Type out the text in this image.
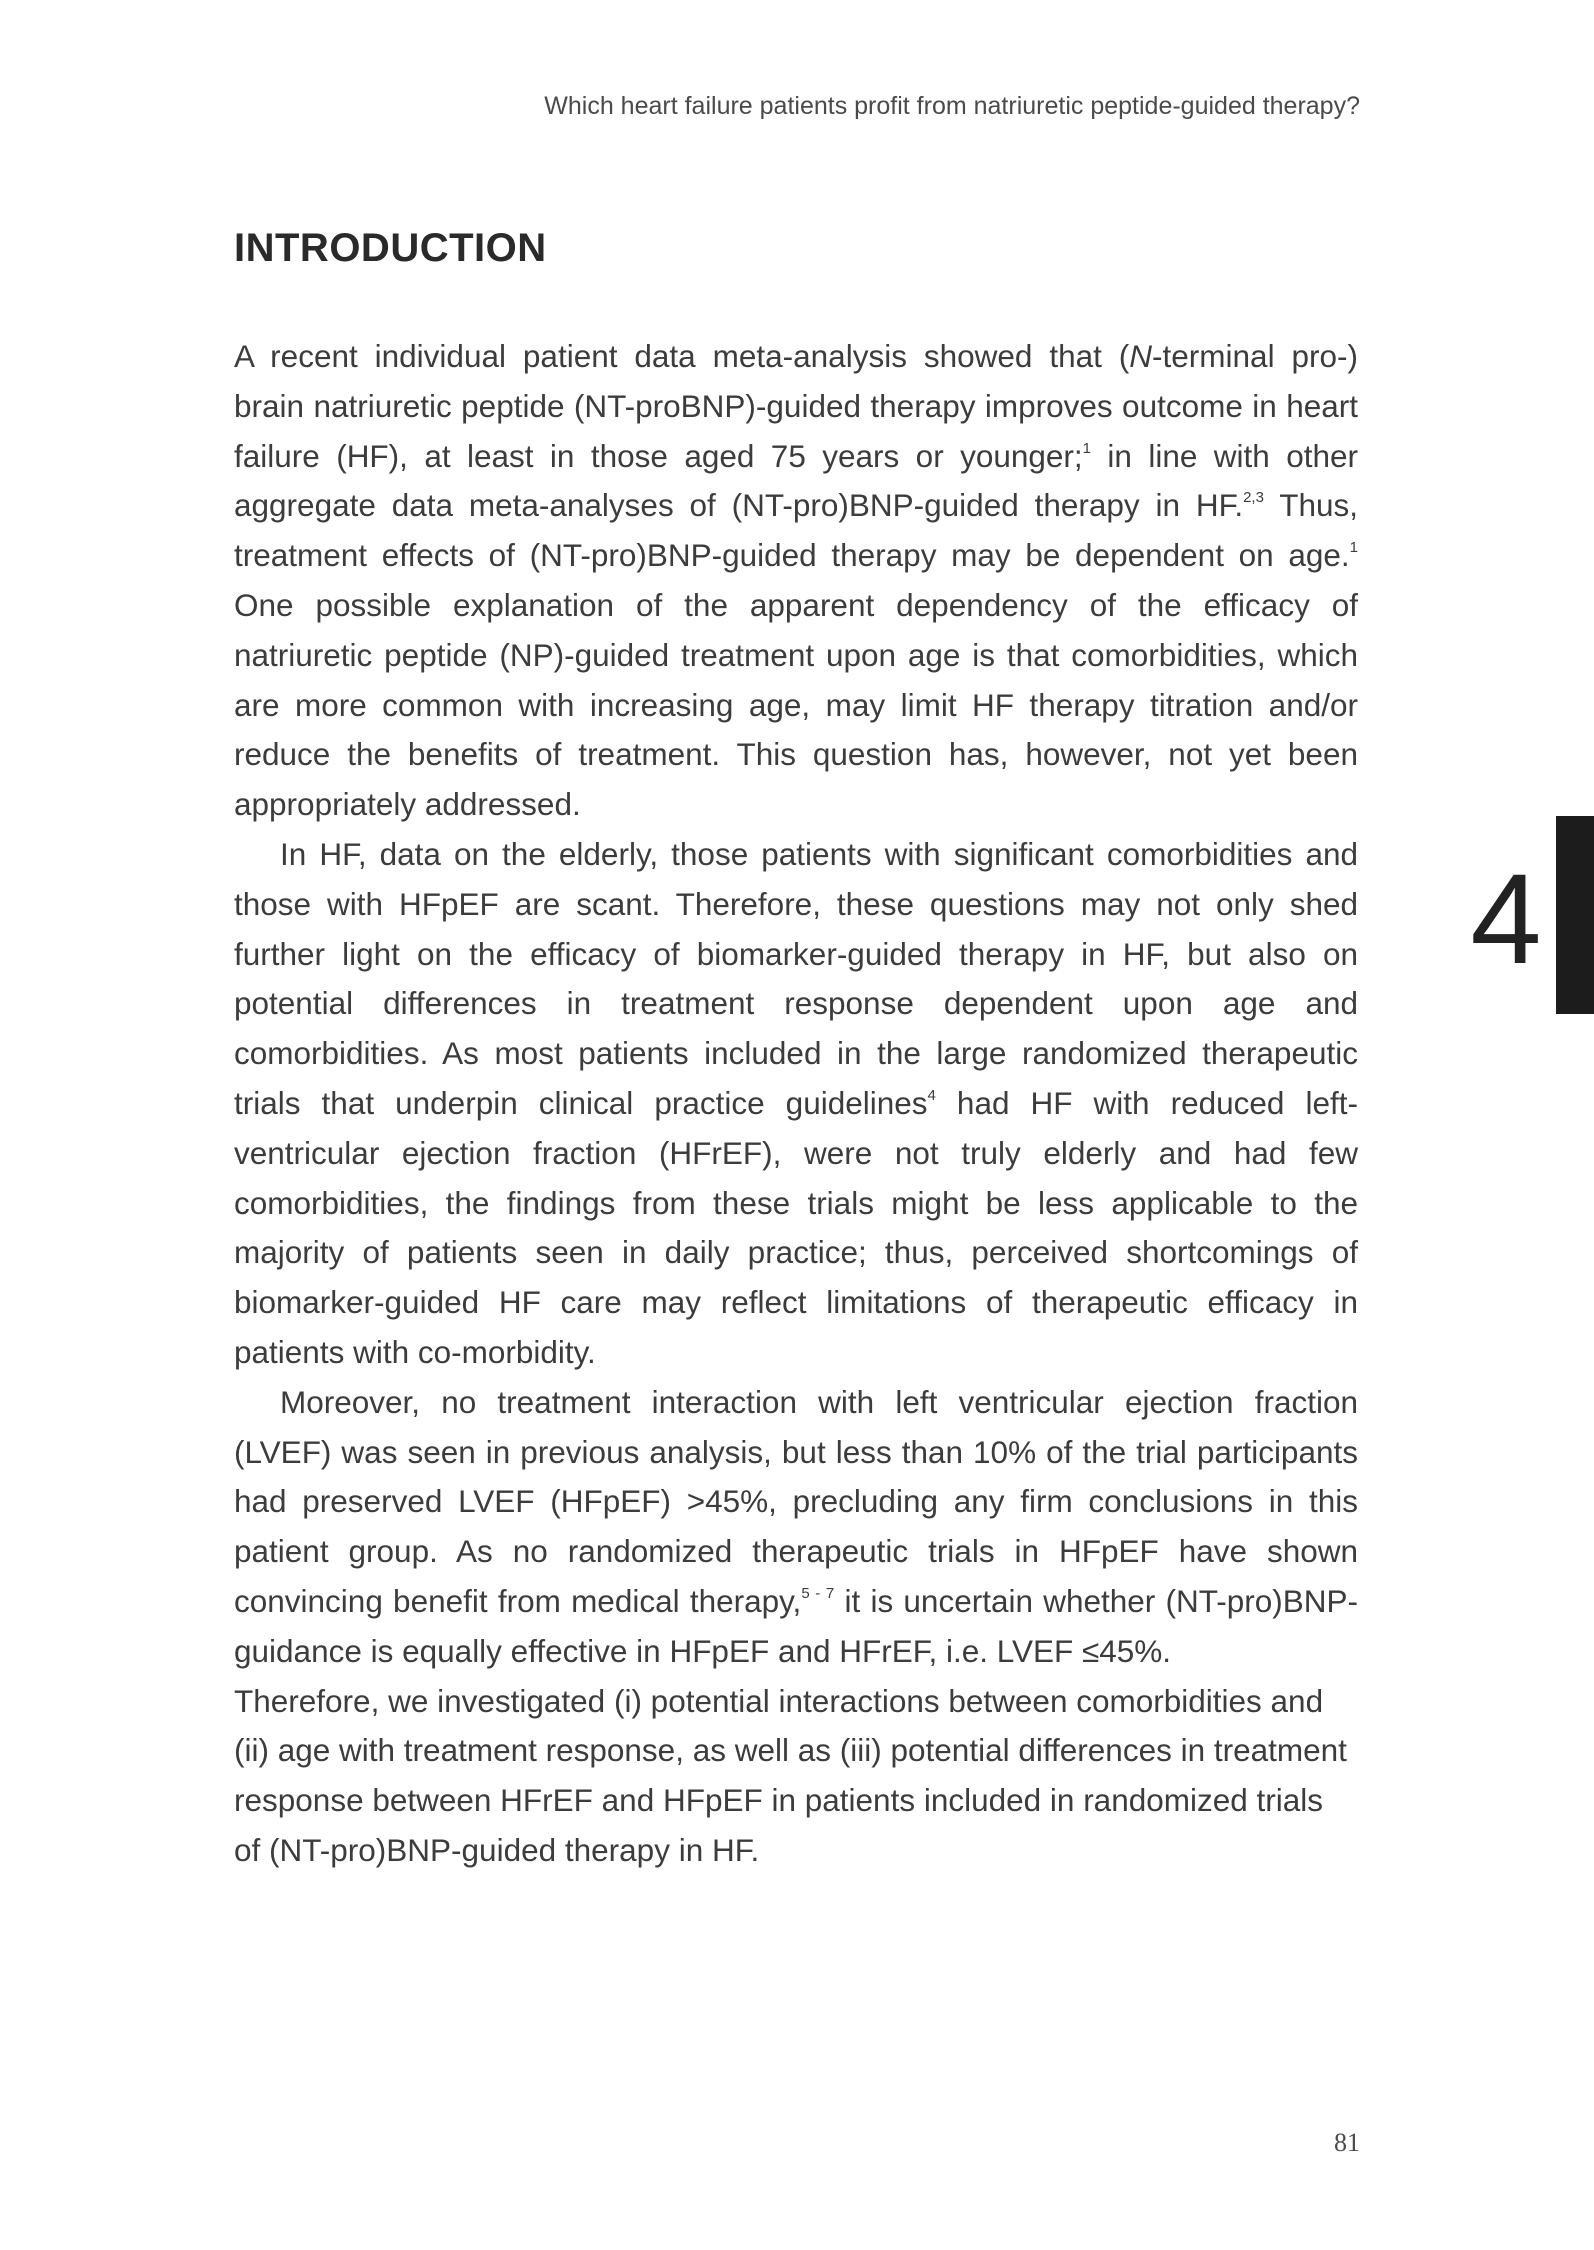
Which heart failure patients profit from natriuretic peptide-guided therapy?
INTRODUCTION

A recent individual patient data meta-analysis showed that (N-terminal pro-) brain natriuretic peptide (NT-proBNP)-guided therapy improves outcome in heart failure (HF), at least in those aged 75 years or younger;$^1$ in line with other aggregate data meta-analyses of (NT-pro)BNP-guided therapy in HF.$^{2,3}$ Thus, treatment effects of (NT-pro)BNP-guided therapy may be dependent on age.$^1$ One possible explanation of the apparent dependency of the efficacy of natriuretic peptide (NP)-guided treatment upon age is that comorbidities, which are more common with increasing age, may limit HF therapy titration and/or reduce the benefits of treatment. This question has, however, not yet been appropriately addressed.

In HF, data on the elderly, those patients with significant comorbidities and those with HFpEF are scant. Therefore, these questions may not only shed further light on the efficacy of biomarker-guided therapy in HF, but also on potential differences in treatment response dependent upon age and comorbidities. As most patients included in the large randomized therapeutic trials that underpin clinical practice guidelines$^4$ had HF with reduced left-ventricular ejection fraction (HFrEF), were not truly elderly and had few comorbidities, the findings from these trials might be less applicable to the majority of patients seen in daily practice; thus, perceived shortcomings of biomarker-guided HF care may reflect limitations of therapeutic efficacy in patients with co-morbidity.

Moreover, no treatment interaction with left ventricular ejection fraction (LVEF) was seen in previous analysis, but less than 10% of the trial participants had preserved LVEF (HFpEF) >45%, precluding any firm conclusions in this patient group. As no randomized therapeutic trials in HFpEF have shown convincing benefit from medical therapy,$^{5 - 7}$ it is uncertain whether (NT-pro)BNP-guidance is equally effective in HFpEF and HFrEF, i.e. LVEF ≤45%.

Therefore, we investigated (i) potential interactions between comorbidities and (ii) age with treatment response, as well as (iii) potential differences in treatment response between HFrEF and HFpEF in patients included in randomized trials of (NT-pro)BNP-guided therapy in HF.

4
81
